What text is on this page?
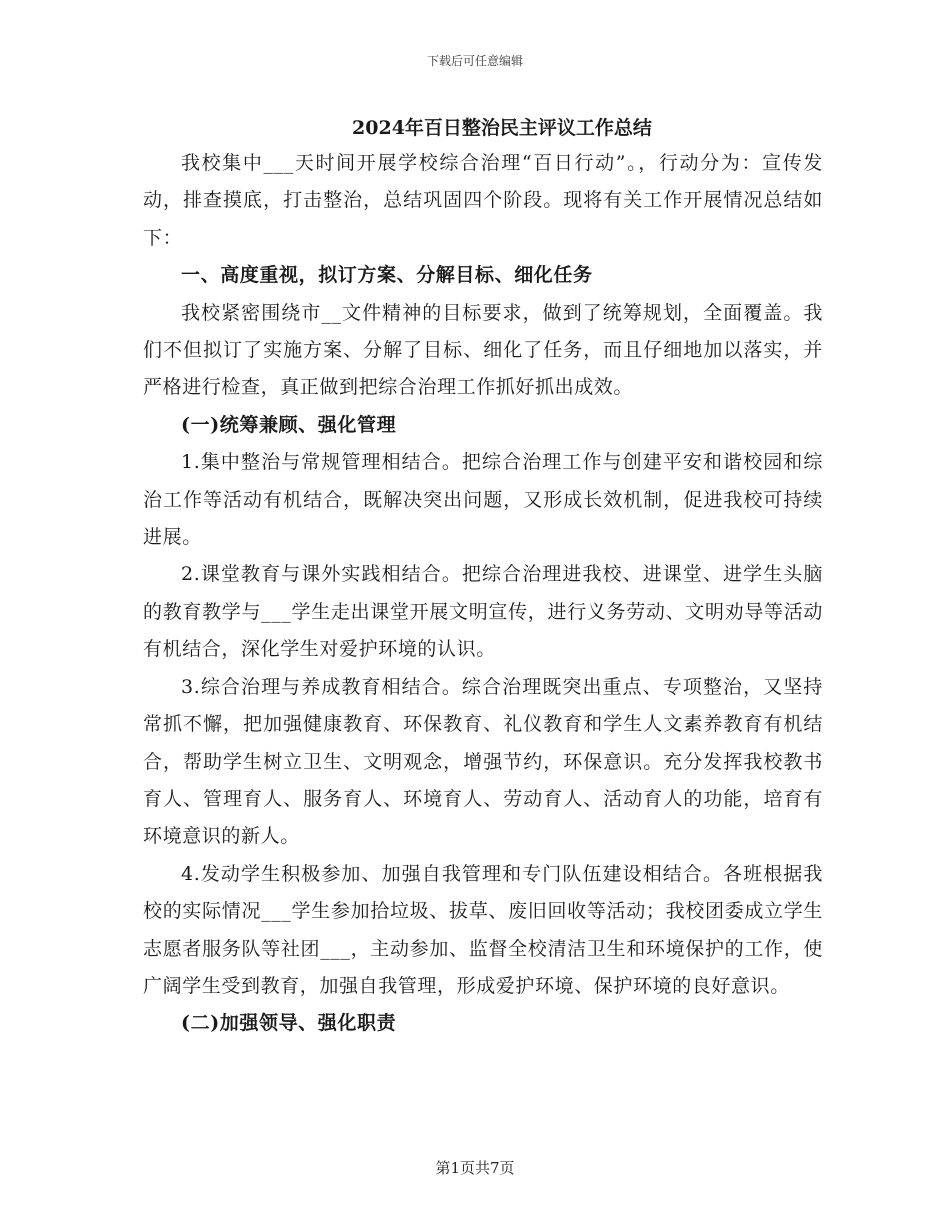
下载后可任意编辑
2024年百日整治民主评议工作总结

我校集中___天时间开展学校综合治理“百日行动”。，行动分为：宣传发动，排查摸底，打击整治，总结巩固四个阶段。现将有关工作开展情况总结如下：

一、高度重视，拟订方案、分解目标、细化任务

我校紧密围绕市__文件精神的目标要求，做到了统筹规划，全面覆盖。我们不但拟订了实施方案、分解了目标、细化了任务，而且仔细地加以落实，并严格进行检查，真正做到把综合治理工作抓好抓出成效。

(一)统筹兼顾、强化管理

1.集中整治与常规管理相结合。把综合治理工作与创建平安和谐校园和综治工作等活动有机结合，既解决突出问题，又形成长效机制，促进我校可持续进展。

2.课堂教育与课外实践相结合。把综合治理进我校、进课堂、进学生头脑的教育教学与___学生走出课堂开展文明宣传，进行义务劳动、文明劝导等活动有机结合，深化学生对爱护环境的认识。

3.综合治理与养成教育相结合。综合治理既突出重点、专项整治，又坚持常抓不懈，把加强健康教育、环保教育、礼仪教育和学生人文素养教育有机结合，帮助学生树立卫生、文明观念，增强节约，环保意识。充分发挥我校教书育人、管理育人、服务育人、环境育人、劳动育人、活动育人的功能，培育有环境意识的新人。

4.发动学生积极参加、加强自我管理和专门队伍建设相结合。各班根据我校的实际情况___学生参加拾垃圾、拔草、废旧回收等活动；我校团委成立学生志愿者服务队等社团___，主动参加、监督全校清洁卫生和环境保护的工作，使广阔学生受到教育，加强自我管理，形成爱护环境、保护环境的良好意识。

(二)加强领导、强化职责

第1页共7页
